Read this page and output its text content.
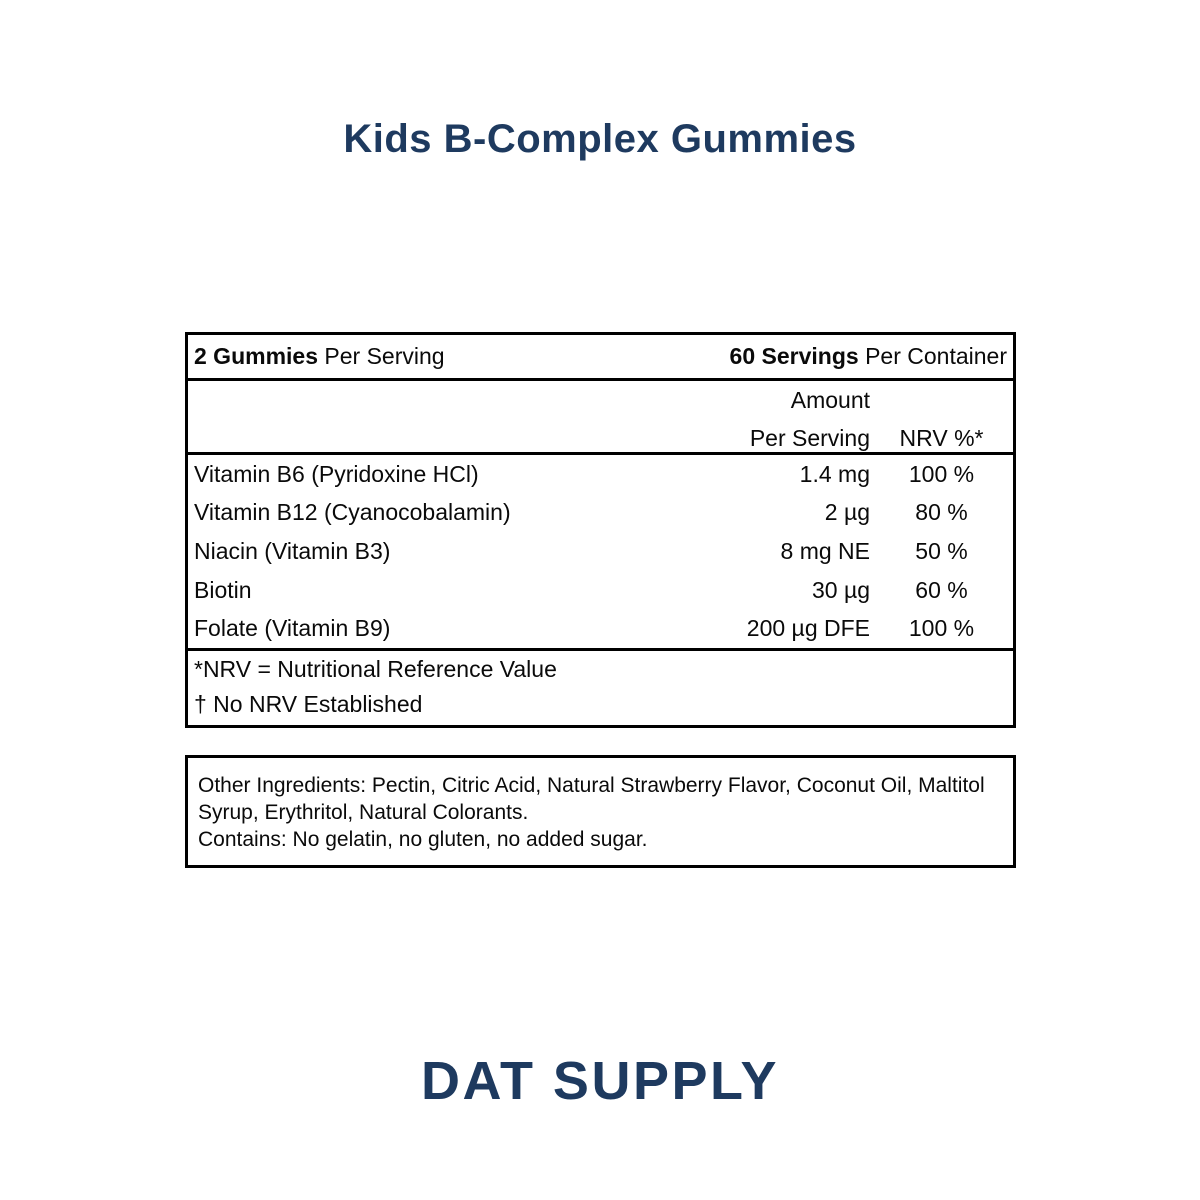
Kids B-Complex Gummies
2 Gummies Per Serving	60 Servings Per Container
Amount
Per Serving	NRV %*
Vitamin B6 (Pyridoxine HCl)	1.4 mg	100 %
Vitamin B12 (Cyanocobalamin)	2 µg	80 %
Niacin (Vitamin B3)	8 mg NE	50 %
Biotin	30 µg	60 %
Folate (Vitamin B9)	200 µg DFE	100 %
*NRV = Nutritional Reference Value
† No NRV Established
Other Ingredients: Pectin, Citric Acid, Natural Strawberry Flavor, Coconut Oil, Maltitol
Syrup, Erythritol, Natural Colorants.
Contains: No gelatin, no gluten, no added sugar.
DAT SUPPLY
